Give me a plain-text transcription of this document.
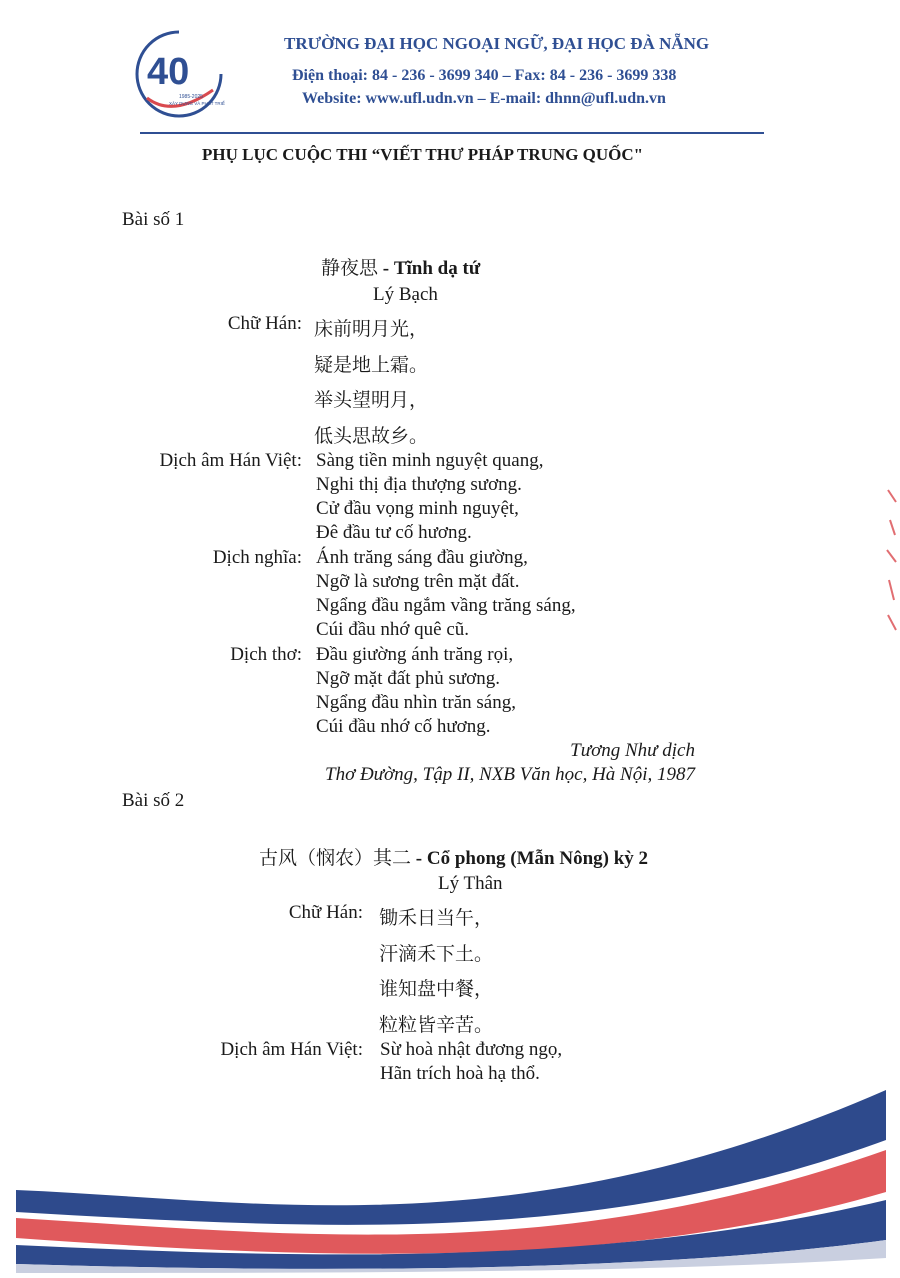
40
1985-2025
XÂY DỰNG VÀ PHÁT TRIỂN
TRƯỜNG ĐẠI HỌC NGOẠI NGỮ, ĐẠI HỌC ĐÀ NẴNG
Điện thoại: 84 - 236 - 3699 340 – Fax: 84 - 236 - 3699 338
Website: www.ufl.udn.vn – E-mail: dhnn@ufl.udn.vn
PHỤ LỤC CUỘC THI “VIẾT THƯ PHÁP TRUNG QUỐC"
Bài số 1
静夜思 - Tĩnh dạ tứ
Lý Bạch
Chữ Hán: 床前明月光，
疑是地上霜。
举头望明月，
低头思故乡。
Dịch âm Hán Việt: Sàng tiền minh nguyệt quang,
Nghi thị địa thượng sương.
Cử đầu vọng minh nguyệt,
Đê đầu tư cố hương.
Dịch nghĩa: Ánh trăng sáng đầu giường,
Ngỡ là sương trên mặt đất.
Ngẩng đầu ngắm vầng trăng sáng,
Cúi đầu nhớ quê cũ.
Dịch thơ: Đầu giường ánh trăng rọi,
Ngỡ mặt đất phủ sương.
Ngẩng đầu nhìn trăn sáng,
Cúi đầu nhớ cố hương.
Tương Như dịch
Thơ Đường, Tập II, NXB Văn học, Hà Nội, 1987
Bài số 2
古风（悯农）其二 - Cổ phong (Mẫn Nông) kỳ 2
Lý Thân
Chữ Hán: 锄禾日当午，
汗滴禾下土。
谁知盘中餐，
粒粒皆辛苦。
Dịch âm Hán Việt: Sừ hoà nhật đương ngọ,
Hãn trích hoà hạ thổ.
